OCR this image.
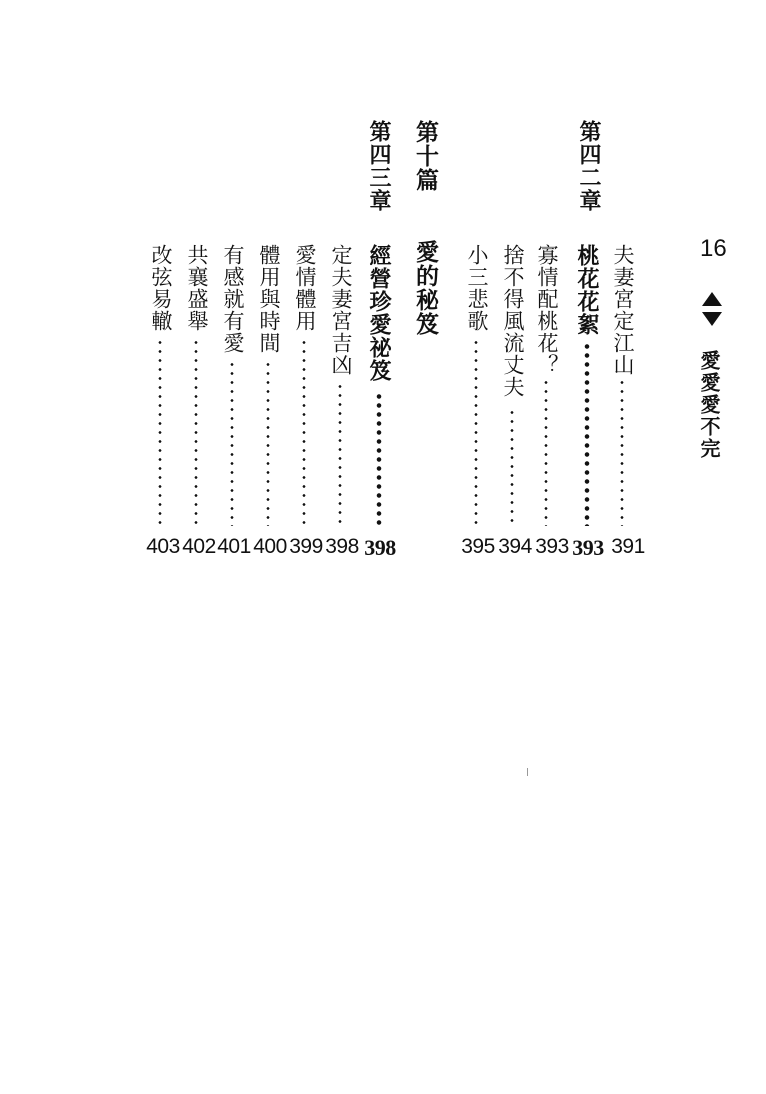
16
愛愛愛不完
第四二章
夫妻宮定江山
391
桃花花絮
393
寡情配桃花？
393
捨不得風流丈夫
394
小三悲歌
395
第十篇
愛的秘笈
第四三章
經營珍愛祕笈
398
定夫妻宮吉凶
398
愛情體用
399
體用與時間
400
有感就有愛
401
共襄盛舉
402
改弦易轍
403
